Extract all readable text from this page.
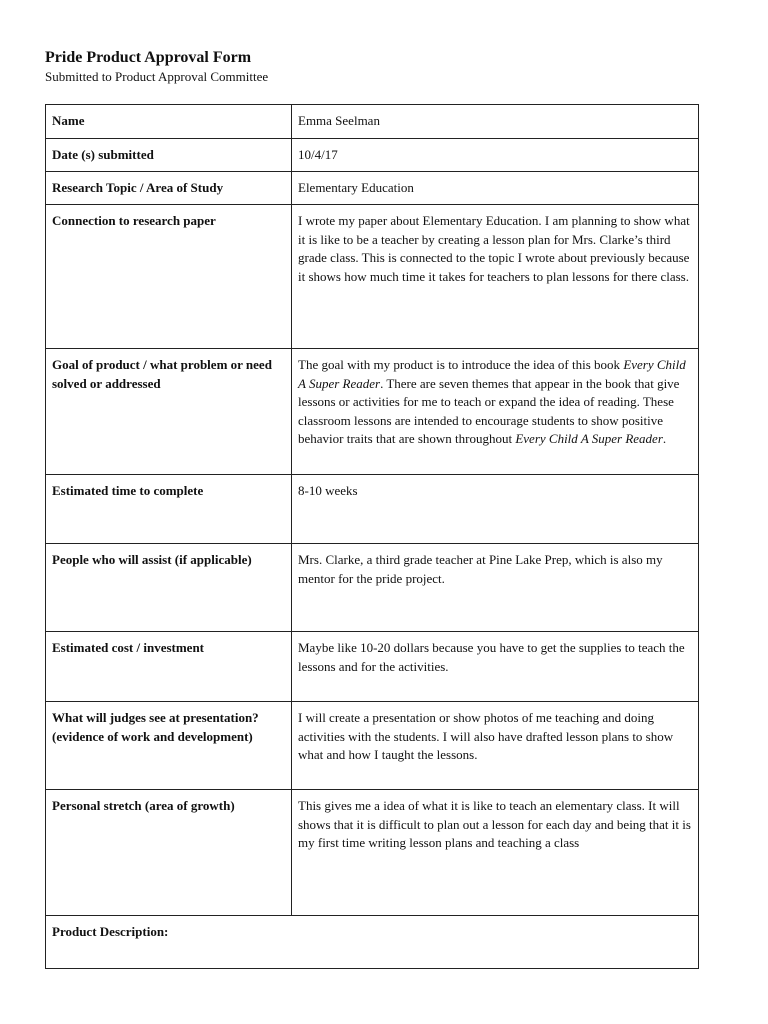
Pride Product Approval Form
Submitted to Product Approval Committee
Name	Emma Seelman
Date (s) submitted	10/4/17
Research Topic / Area of Study	Elementary Education
Connection to research paper	I wrote my paper about Elementary Education. I am planning to show what it is like to be a teacher by creating a lesson plan for Mrs. Clarke’s third grade class. This is connected to the topic I wrote about previously because it shows how much time it takes for teachers to plan lessons for there class.
Goal of product / what problem or need solved or addressed	The goal with my product is to introduce the idea of this book Every Child A Super Reader. There are seven themes that appear in the book that give lessons or activities for me to teach or expand the idea of reading. These classroom lessons are intended to encourage students to show positive behavior traits that are shown throughout Every Child A Super Reader.
Estimated time to complete	8-10 weeks
People who will assist (if applicable)	Mrs. Clarke, a third grade teacher at Pine Lake Prep, which is also my mentor for the pride project.
Estimated cost / investment	Maybe like 10-20 dollars because you have to get the supplies to teach the lessons and for the activities.
What will judges see at presentation? (evidence of work and development)	I will create a presentation or show photos of me teaching and doing activities with the students. I will also have drafted lesson plans to show what and how I taught the lessons.
Personal stretch (area of growth)	This gives me a idea of what it is like to teach an elementary class. It will shows that it is difficult to plan out a lesson for each day and being that it is my first time writing lesson plans and teaching a class
Product Description:	
